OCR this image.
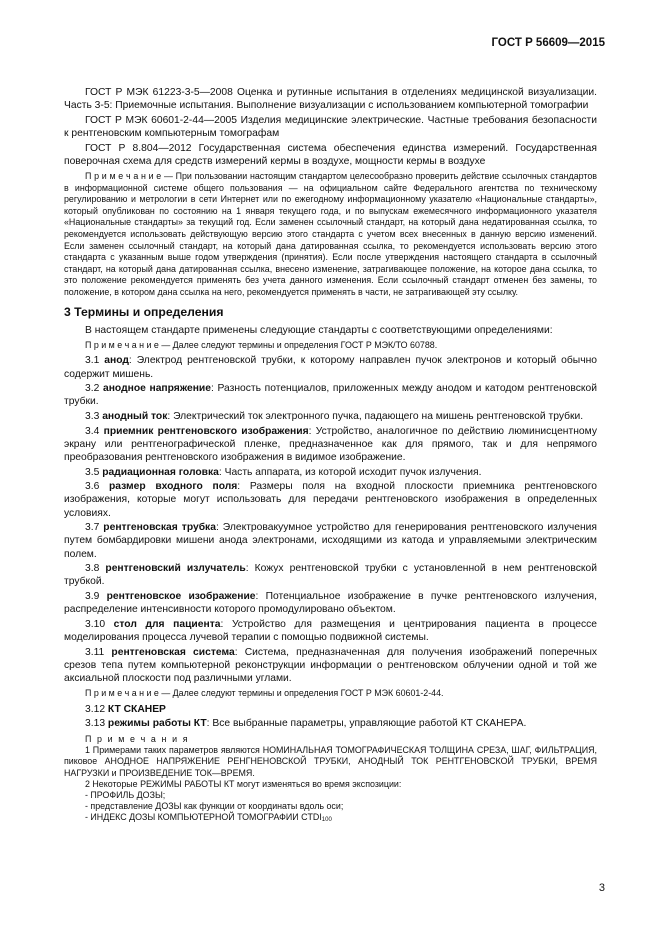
ГОСТ Р 56609—2015

ГОСТ Р МЭК 61223-3-5—2008 Оценка и рутинные испытания в отделениях медицинской визуализации. Часть 3-5: Приемочные испытания. Выполнение визуализации с использованием компьютерной томографии

ГОСТ Р МЭК 60601-2-44—2005 Изделия медицинские электрические. Частные требования безопасности к рентгеновским компьютерным томографам

ГОСТ Р 8.804—2012 Государственная система обеспечения единства измерений. Государственная поверочная схема для средств измерений кермы в воздухе, мощности кермы в воздухе

П р и м е ч а н и е — При пользовании настоящим стандартом целесообразно проверить действие ссылочных стандартов в информационной системе общего пользования — на официальном сайте Федерального агентства по техническому регулированию и метрологии в сети Интернет или по ежегодному информационному указателю «Национальные стандарты», который опубликован по состоянию на 1 января текущего года, и по выпускам ежемесячного информационного указателя «Национальные стандарты» за текущий год. Если заменен ссылочный стандарт, на который дана недатированная ссылка, то рекомендуется использовать действующую версию этого стандарта с учетом всех внесенных в данную версию изменений. Если заменен ссылочный стандарт, на который дана датированная ссылка, то рекомендуется использовать версию этого стандарта с указанным выше годом утверждения (принятия). Если после утверждения настоящего стандарта в ссылочный стандарт, на который дана датированная ссылка, внесено изменение, затрагивающее положение, на которое дана ссылка, то это положение рекомендуется применять без учета данного изменения. Если ссылочный стандарт отменен без замены, то положение, в котором дана ссылка на него, рекомендуется применять в части, не затрагивающей эту ссылку.

3 Термины и определения

В настоящем стандарте применены следующие стандарты с соответствующими определениями:

П р и м е ч а н и е — Далее следуют термины и определения ГОСТ Р МЭК/ТО 60788.

3.1 анод: Электрод рентгеновской трубки, к которому направлен пучок электронов и который обычно содержит мишень.

3.2 анодное напряжение: Разность потенциалов, приложенных между анодом и катодом рентгеновской трубки.

3.3 анодный ток: Электрический ток электронного пучка, падающего на мишень рентгеновской трубки.

3.4 приемник рентгеновского изображения: Устройство, аналогичное по действию люминисцентному экрану или рентгенографической пленке, предназначенное как для прямого, так и для непрямого преобразования рентгеновского изображения в видимое изображение.

3.5 радиационная головка: Часть аппарата, из которой исходит пучок излучения.

3.6 размер входного поля: Размеры поля на входной плоскости приемника рентгеновского изображения, которые могут использовать для передачи рентгеновского изображения в определенных условиях.

3.7 рентгеновская трубка: Электровакуумное устройство для генерирования рентгеновского излучения путем бомбардировки мишени анода электронами, исходящими из катода и управляемыми электрическим полем.

3.8 рентгеновский излучатель: Кожух рентгеновской трубки с установленной в нем рентгеновской трубкой.

3.9 рентгеновское изображение: Потенциальное изображение в пучке рентгеновского излучения, распределение интенсивности которого промодулировано объектом.

3.10 стол для пациента: Устройство для размещения и центрирования пациента в процессе моделирования процесса лучевой терапии с помощью подвижной системы.

3.11 рентгеновская система: Система, предназначенная для получения изображений поперечных срезов тепа путем компьютерной реконструкции информации о рентгеновском облучении одной и той же аксиальной плоскости под различными углами.

П р и м е ч а н и е — Далее следуют термины и определения ГОСТ Р МЭК 60601-2-44.

3.12 КТ СКАНЕР

3.13 режимы работы КТ: Все выбранные параметры, управляющие работой КТ СКАНЕРА.

П р и м е ч а н и я

1 Примерами таких параметров являются НОМИНАЛЬНАЯ ТОМОГРАФИЧЕСКАЯ ТОЛЩИНА СРЕЗА, ШАГ, ФИЛЬТРАЦИЯ, пиковое АНОДНОЕ НАПРЯЖЕНИЕ РЕНГНЕНОВСКОЙ ТРУБКИ, АНОДНЫЙ ТОК РЕНТГЕНОВСКОЙ ТРУБКИ, ВРЕМЯ НАГРУЗКИ и ПРОИЗВЕДЕНИЕ ТОК—ВРЕМЯ.

2 Некоторые РЕЖИМЫ РАБОТЫ КТ могут изменяться во время экспозиции:

- ПРОФИЛЬ ДОЗЫ;

- представление ДОЗЫ как функции от координаты вдоль оси;

- ИНДЕКС ДОЗЫ КОМПЬЮТЕРНОЙ ТОМОГРАФИИ $CTDI_{100}$

3
